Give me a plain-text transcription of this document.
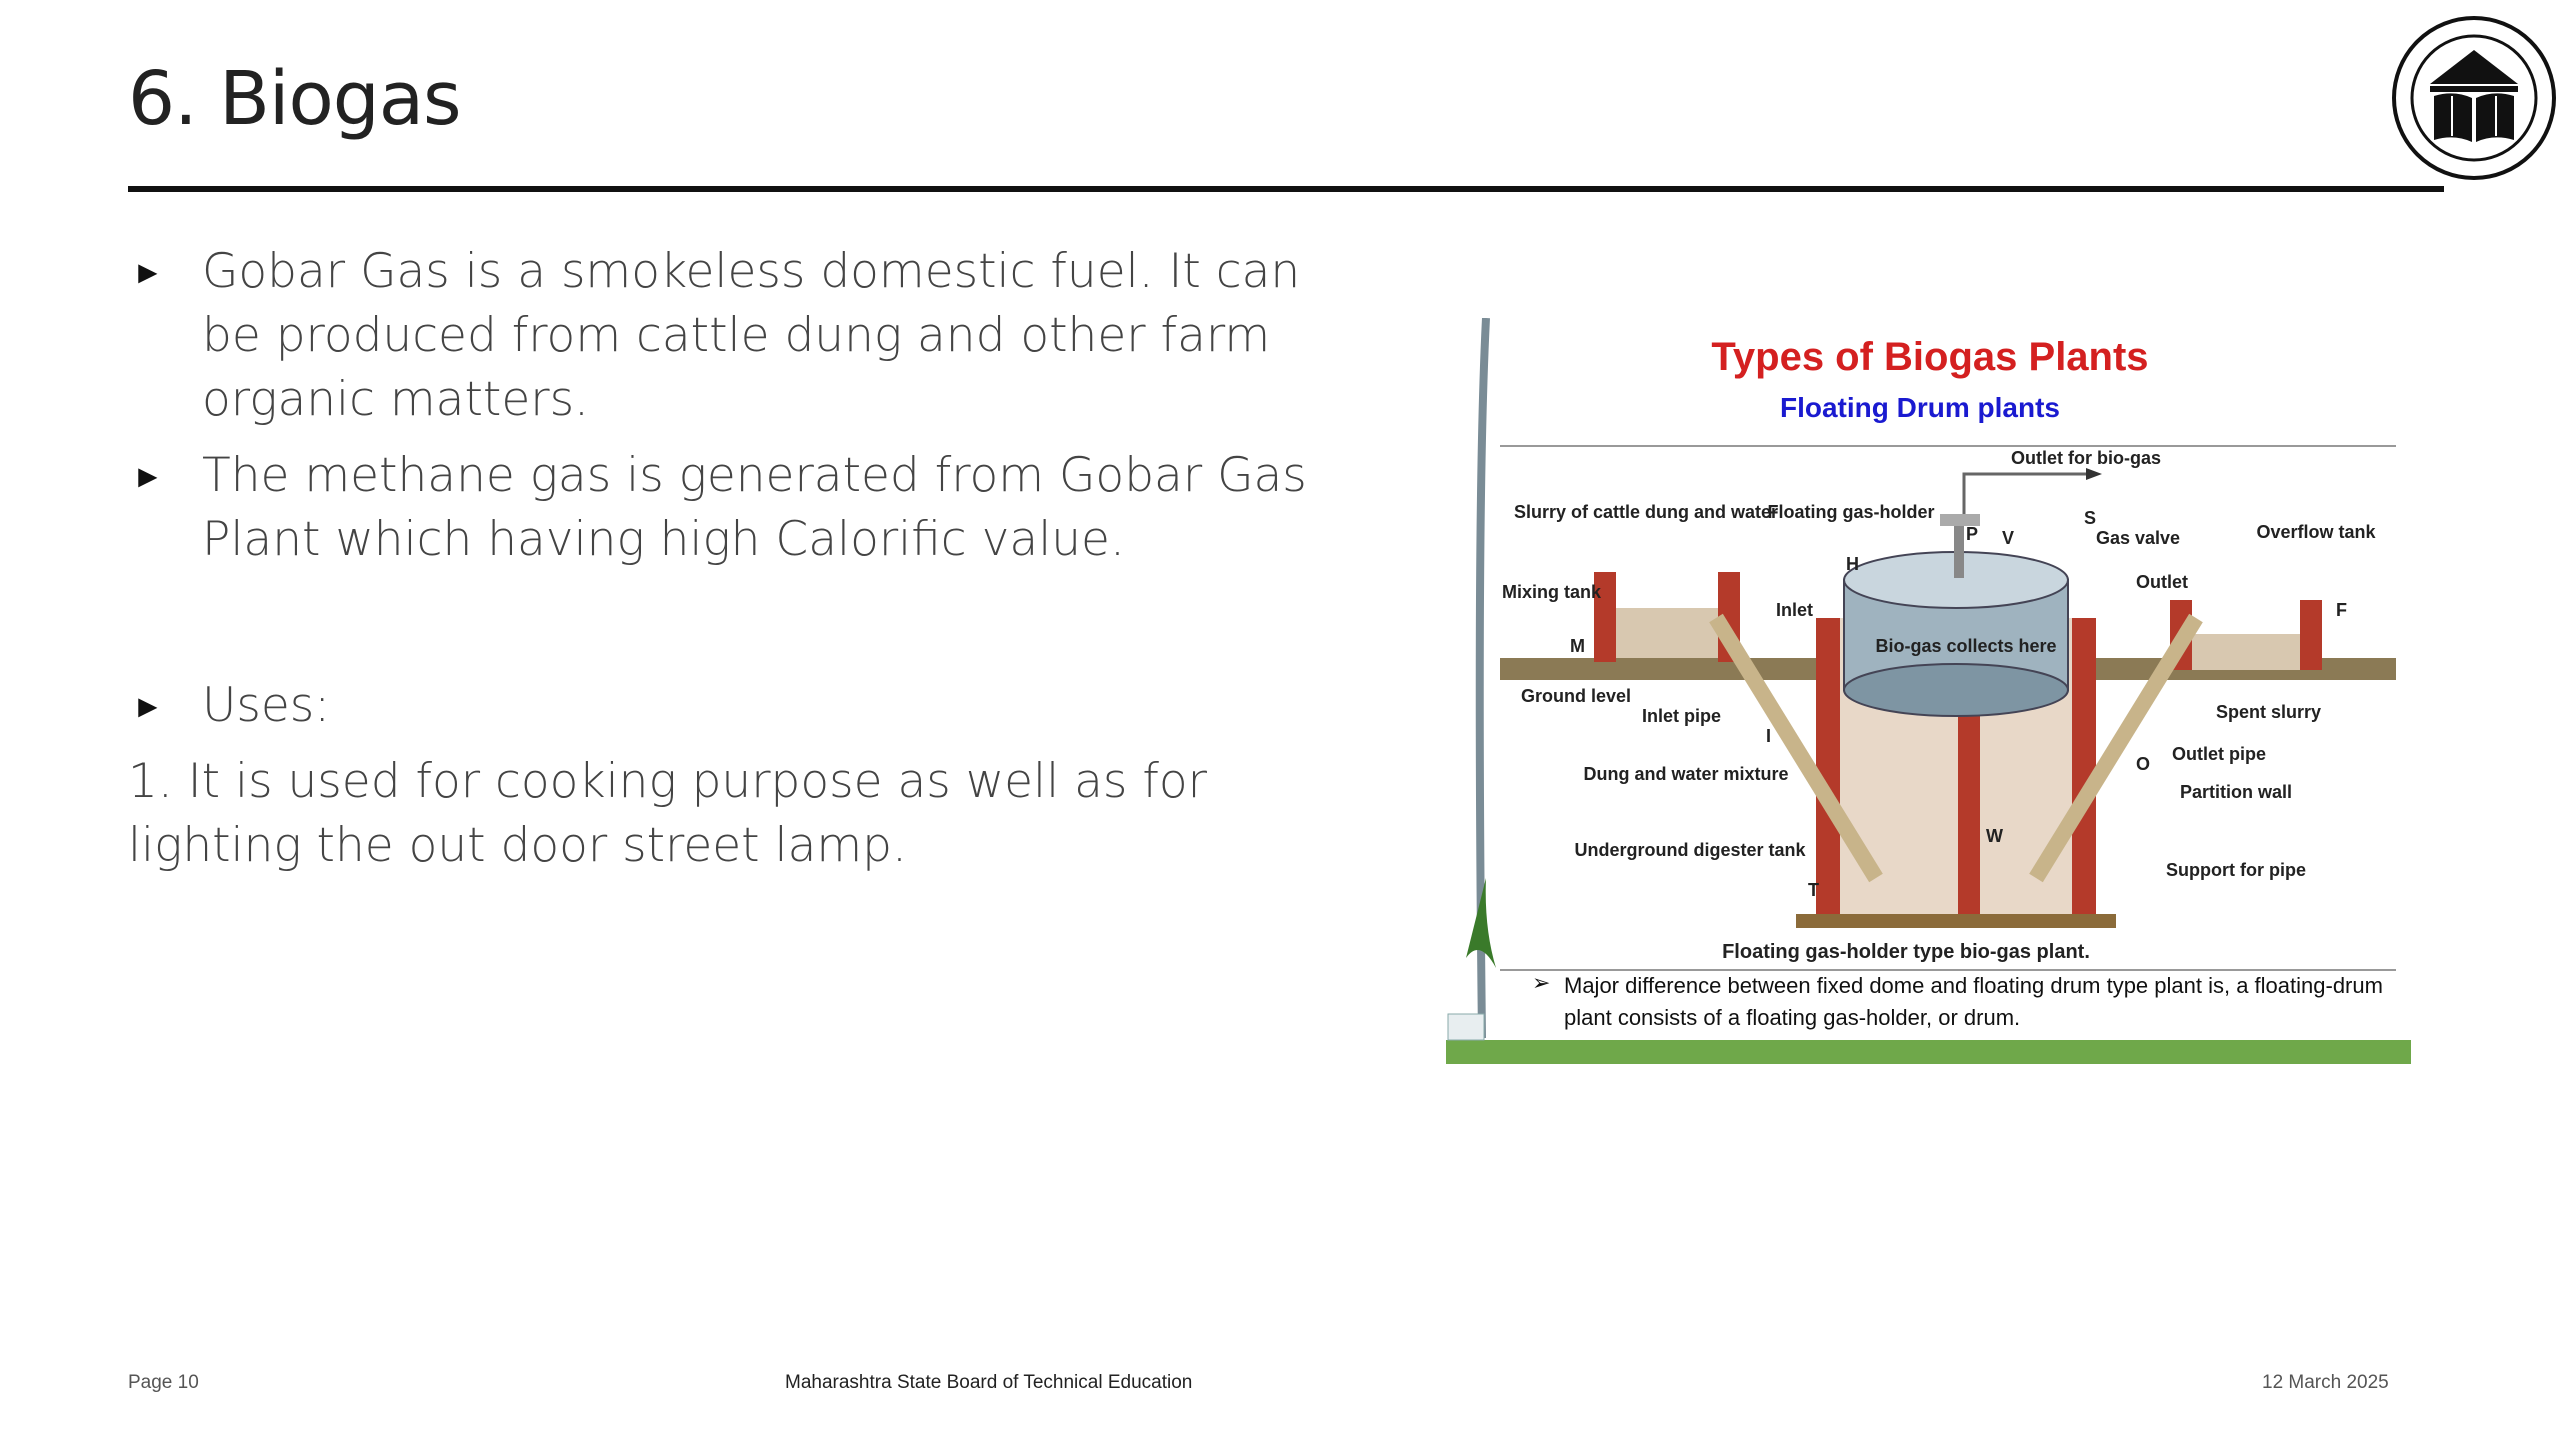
6. Biogas
► Gobar Gas is a smokeless domestic fuel. It can be produced from cattle dung and other farm organic matters.
► The methane gas is generated from Gobar Gas Plant which having high Calorific value.
► Uses:
1. It is used for cooking purpose as well as for lighting the out door street lamp.
Types of Biogas Plants
Floating Drum plants
Outlet for bio-gas
Slurry of cattle dung and water
Floating gas-holder
Gas valve	Overflow tank
Mixing tank
Inlet
Outlet
Bio-gas collects here
Ground level
Inlet pipe	Spent slurry
Dung and water mixture
Outlet pipe
Partition wall
Underground digester tank
Support for pipe
Floating gas-holder type bio-gas plant.
P V
S
H
M
F
I
O
W
T
➢ Major difference between fixed dome and floating drum type plant is, a floating-drum plant consists of a floating gas-holder, or drum.
Page 10	Maharashtra State Board of Technical Education	12 March 2025
